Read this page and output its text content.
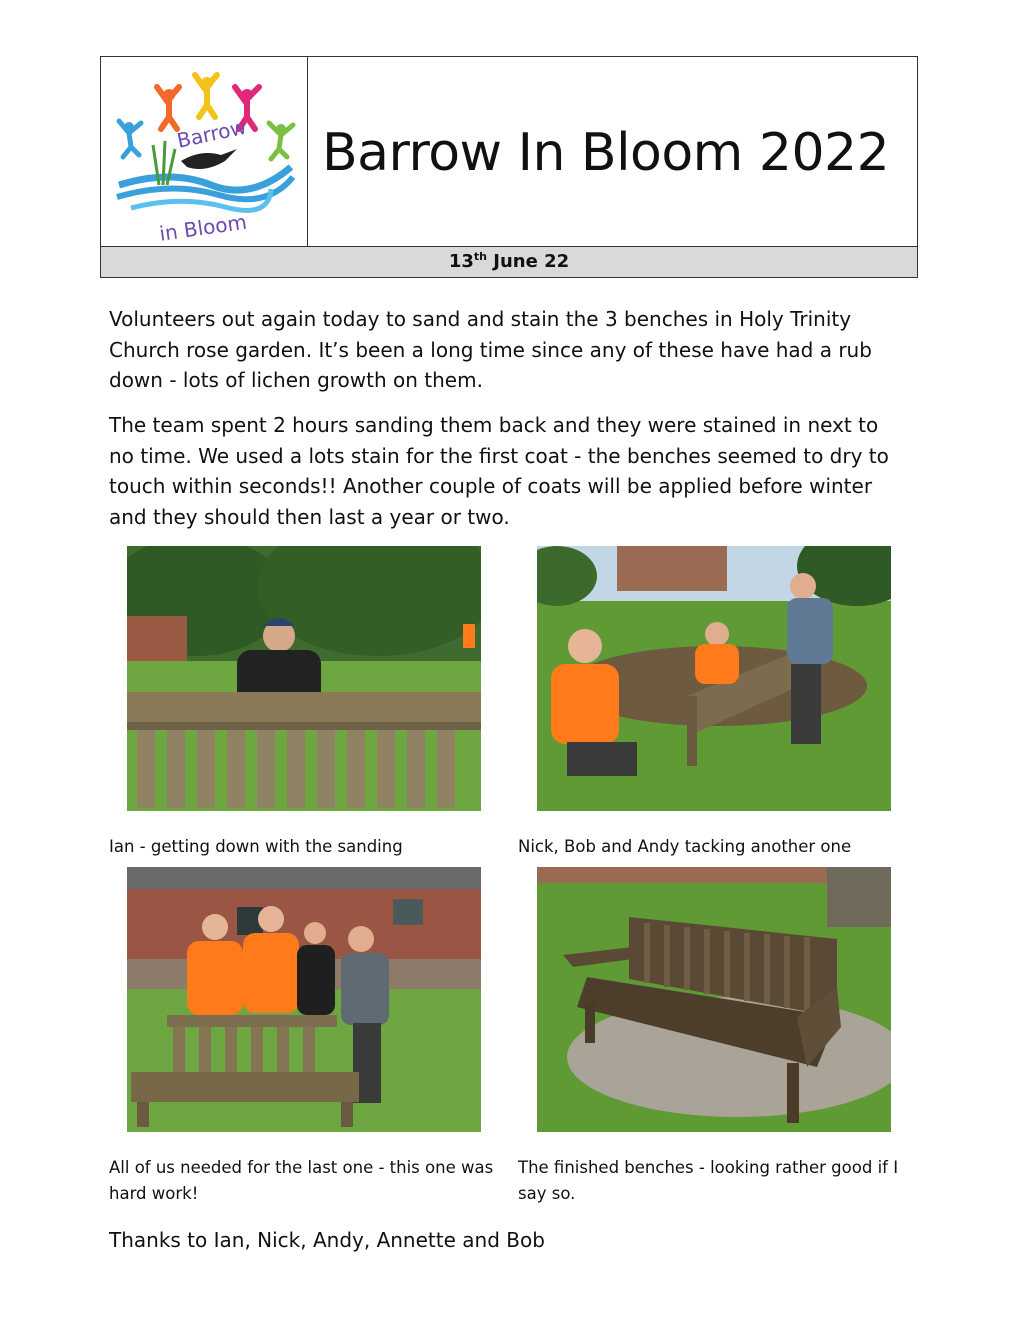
Barrow
in Bloom
Barrow In Bloom 2022
13th June 22

Volunteers out again today to sand and stain the 3 benches in Holy Trinity Church rose garden. It’s been a long time since any of these have had a rub down - lots of lichen growth on them.

The team spent 2 hours sanding them back and they were stained in next to no time. We used a lots stain for the first coat - the benches seemed to dry to touch within seconds!! Another couple of coats will be applied before winter and they should then last a year or two.

Ian - getting down with the sanding	Nick, Bob and Andy tacking another one
All of us needed for the last one - this one was hard work!
The finished benches - looking rather good if I say so.
Thanks to Ian, Nick, Andy, Annette and Bob
